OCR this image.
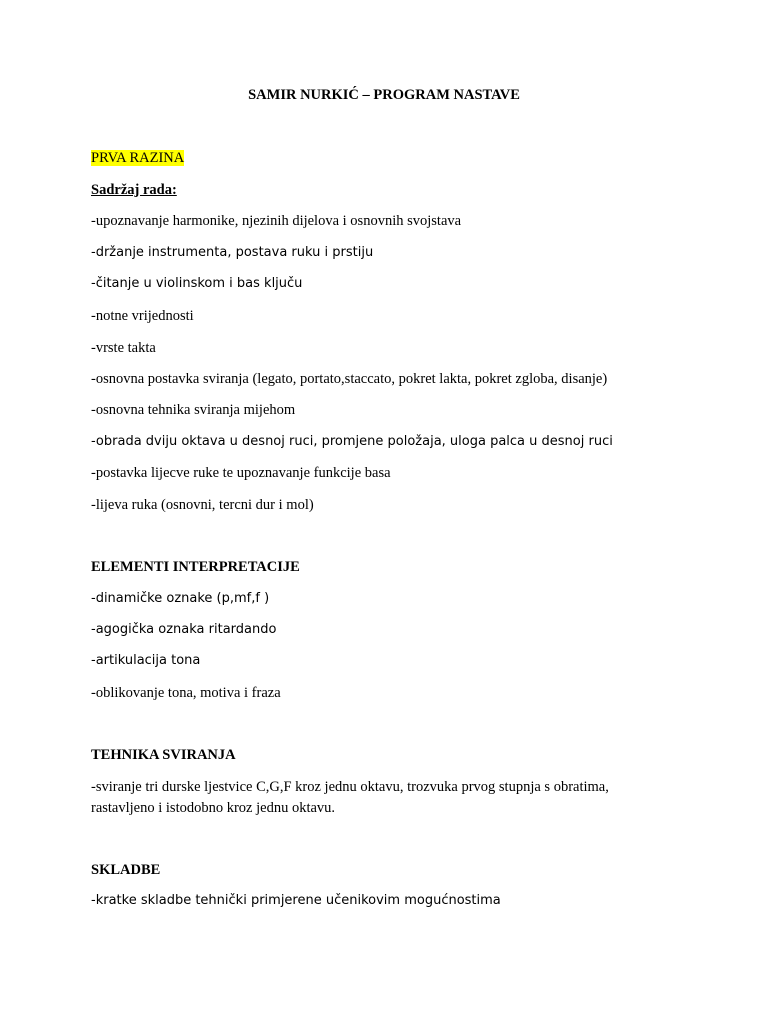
SAMIR NURKIĆ – PROGRAM NASTAVE
PRVA RAZINA
Sadržaj rada:
-upoznavanje harmonike, njezinih dijelova i osnovnih svojstava
-držanje instrumenta, postava ruku i prstiju
-čitanje u violinskom i bas ključu
-notne vrijednosti
-vrste takta
-osnovna postavka sviranja (legato, portato,staccato, pokret lakta, pokret zgloba, disanje)
-osnovna tehnika sviranja mijehom
-obrada dviju oktava u desnoj ruci, promjene položaja, uloga palca u desnoj ruci
-postavka lijecve ruke te upoznavanje funkcije basa
-lijeva ruka (osnovni, tercni dur i mol)
ELEMENTI INTERPRETACIJE
-dinamičke oznake (p,mf,f )
-agogička oznaka ritardando
-artikulacija tona
-oblikovanje tona, motiva i fraza
TEHNIKA SVIRANJA
-sviranje tri durske ljestvice C,G,F kroz jednu oktavu, trozvuka prvog stupnja s obratima, rastavljeno i istodobno kroz jednu oktavu.
SKLADBE
-kratke skladbe tehnički primjerene učenikovim mogućnostima
